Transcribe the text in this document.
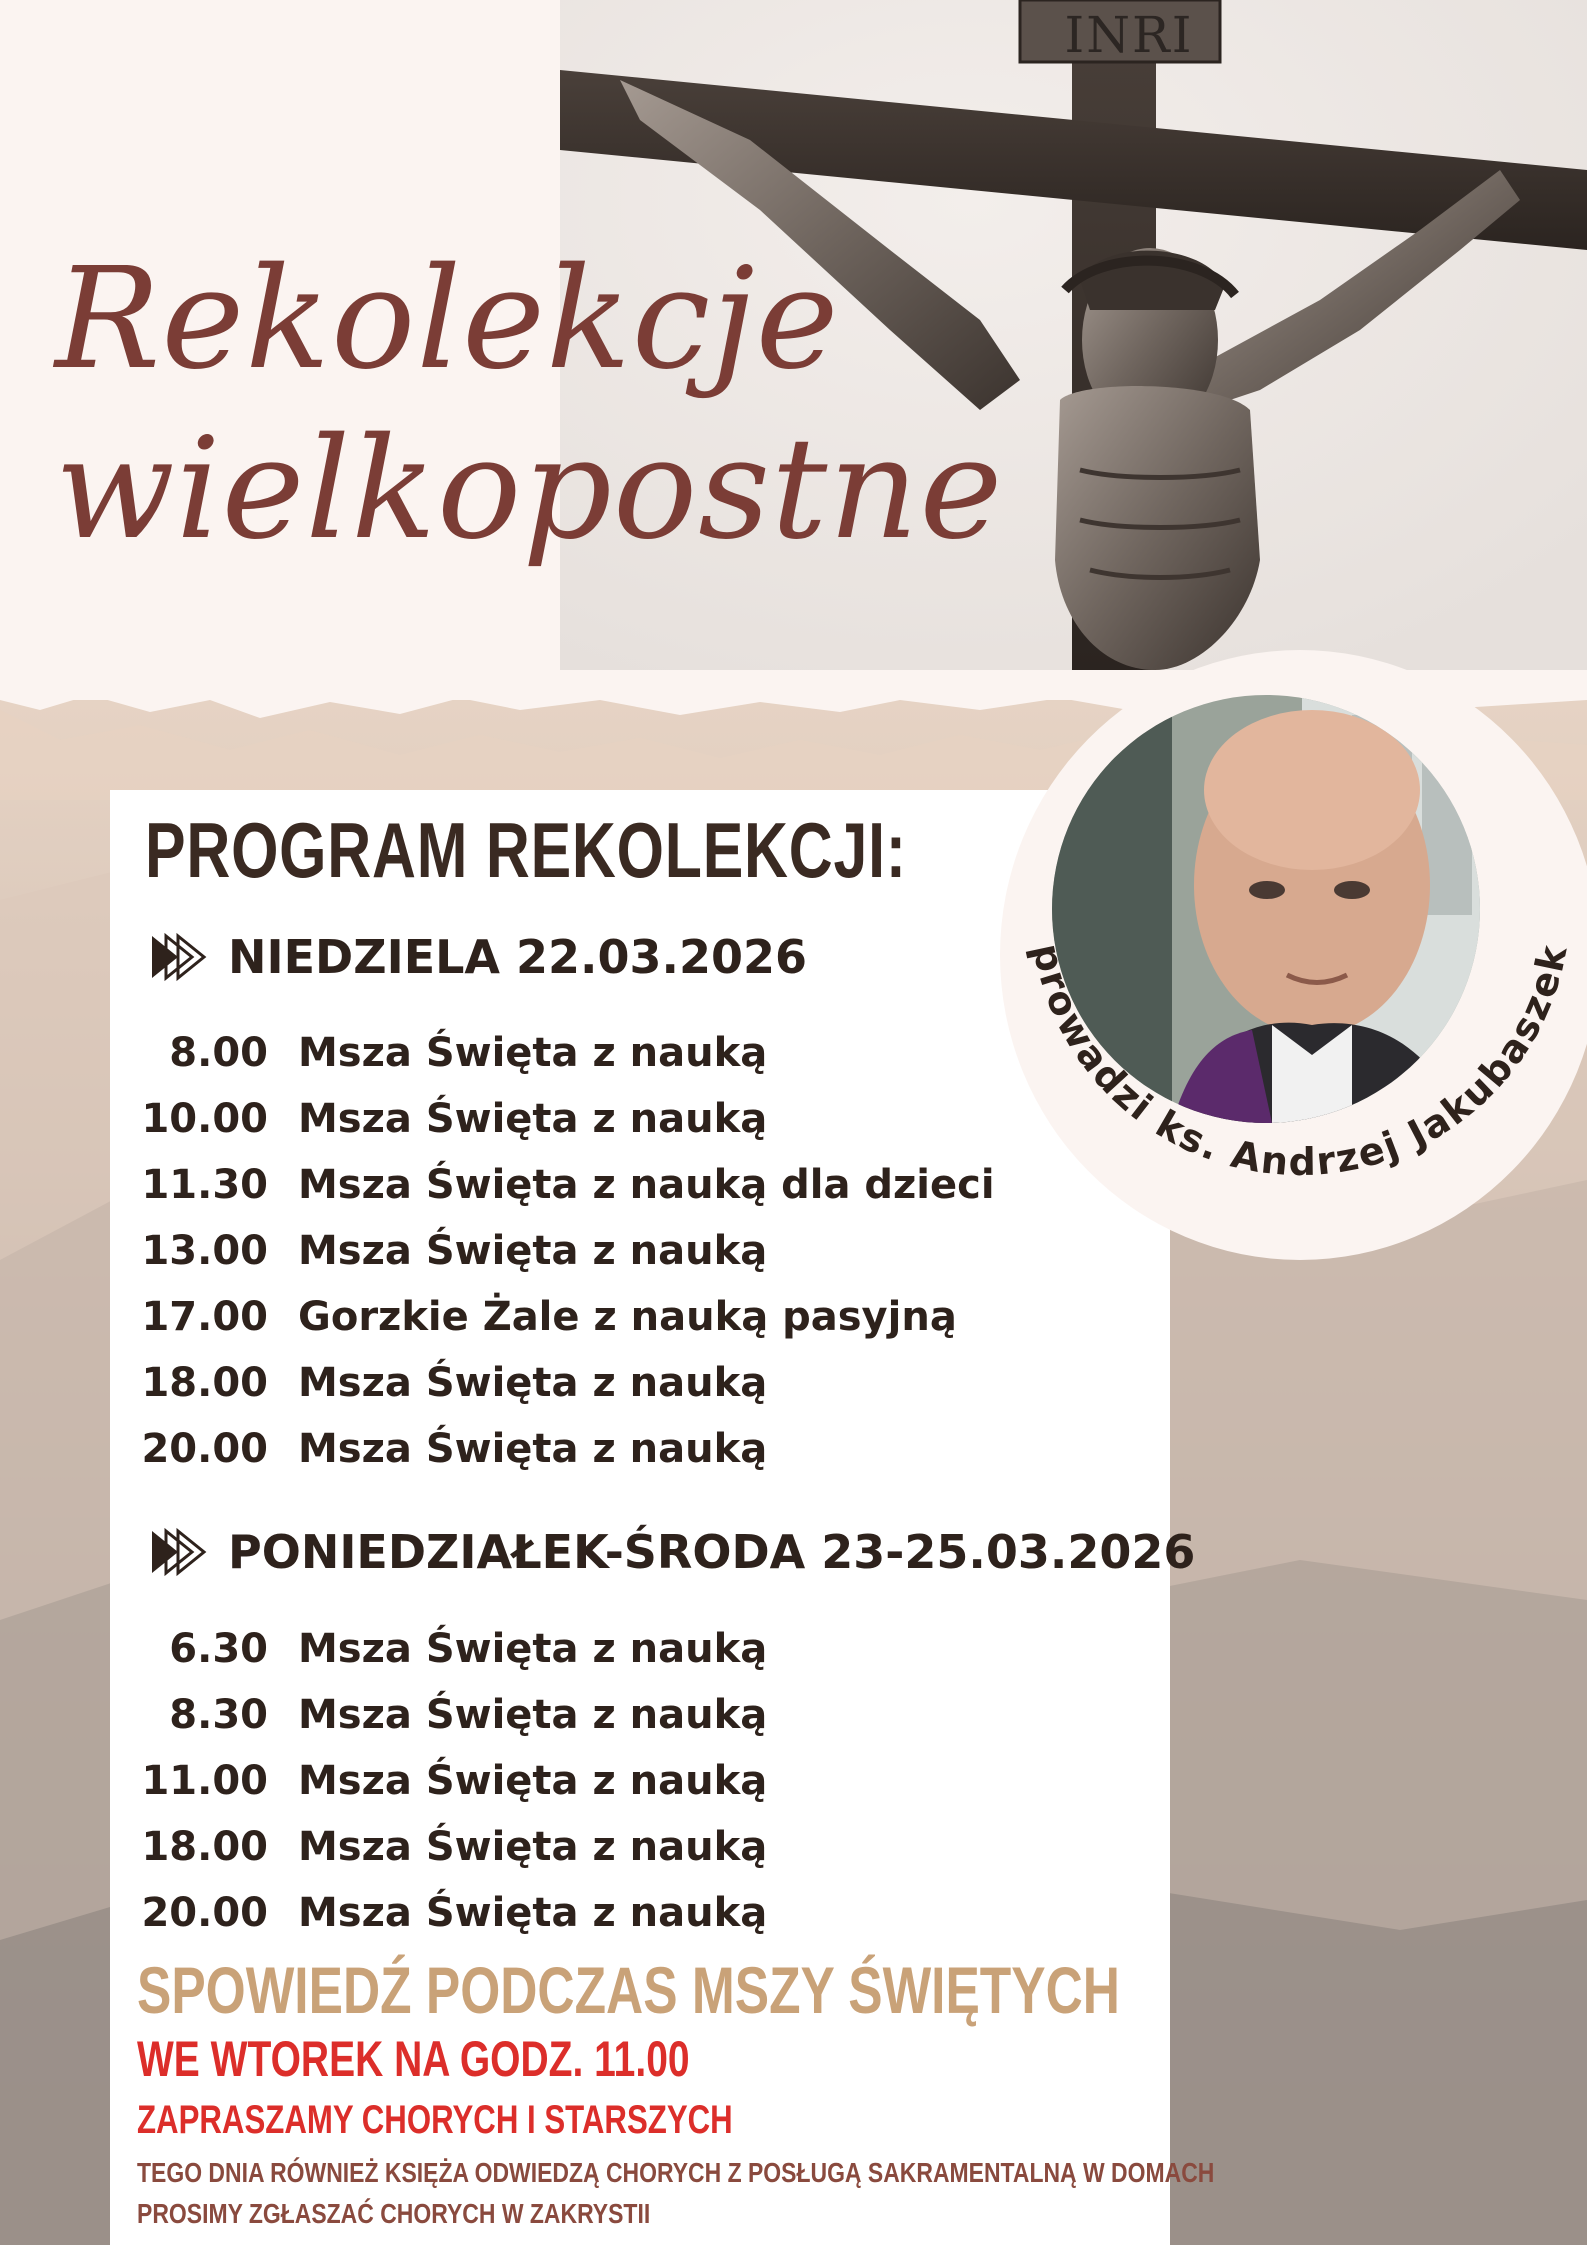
INRI
Rekolekcje
wielkopostne
PROGRAM REKOLEKCJI:
NIEDZIELA 22.03.2026
8.00 Msza Święta z nauką
10.00 Msza Święta z nauką
11.30 Msza Święta z nauką dla dzieci
13.00 Msza Święta z nauką
17.00 Gorzkie Żale z nauką pasyjną
18.00 Msza Święta z nauką
20.00 Msza Święta z nauką
PONIEDZIAŁEK-ŚRODA 23-25.03.2026
6.30 Msza Święta z nauką
8.30 Msza Święta z nauką
11.00 Msza Święta z nauką
18.00 Msza Święta z nauką
20.00 Msza Święta z nauką
SPOWIEDŹ PODCZAS MSZY ŚWIĘTYCH
WE WTOREK NA GODZ. 11.00
ZAPRASZAMY CHORYCH I STARSZYCH
TEGO DNIA RÓWNIEŻ KSIĘŻA ODWIEDZĄ CHORYCH Z POSŁUGĄ SAKRAMENTALNĄ W DOMACH
PROSIMY ZGŁASZAĆ CHORYCH W ZAKRYSTII
prowadzi ks. Andrzej Jakubaszek
